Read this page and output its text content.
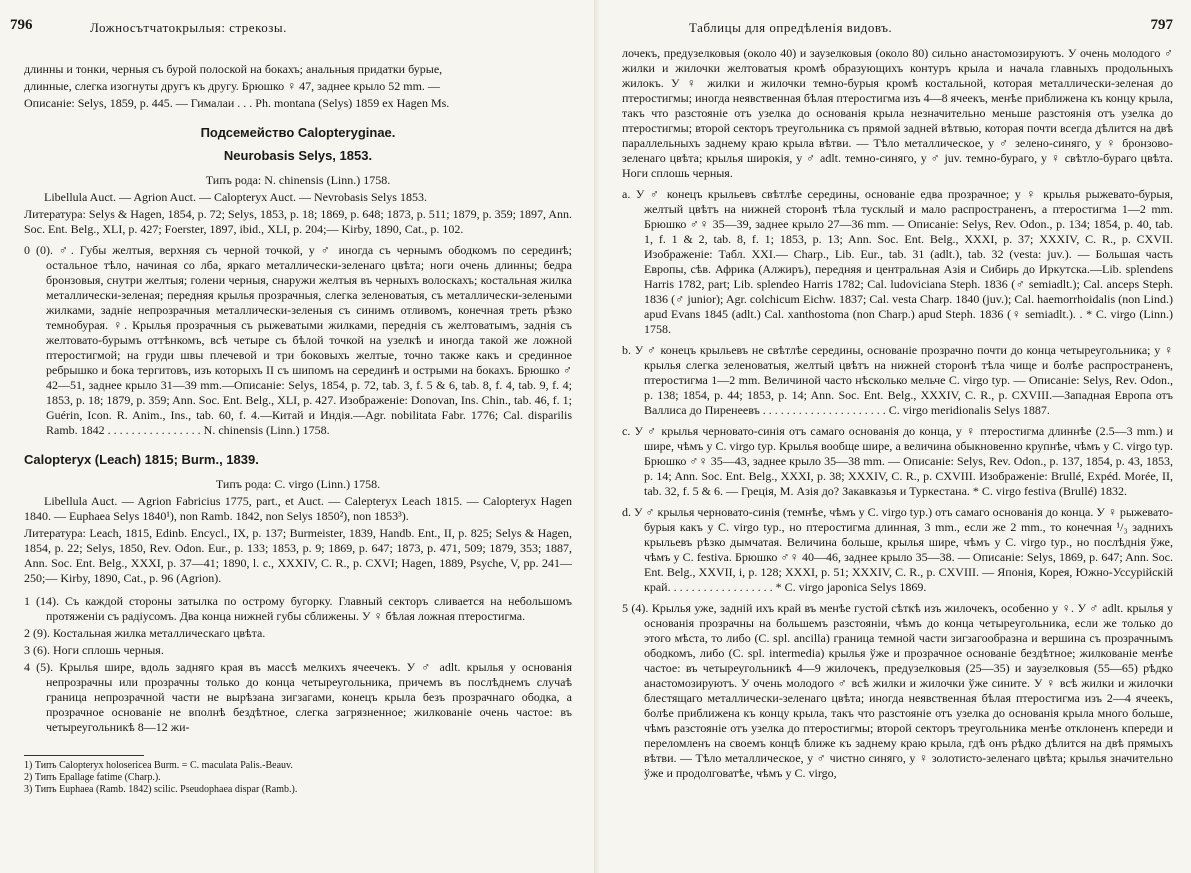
796	Ложносътчатокрылыя: стрекозы.

длинны и тонки, черныя съ бурой полоской на бокахъ; анальныя придатки бурые,

длинные, слегка изогнуты другъ къ другу. Брюшко ♀ 47, заднее крыло 52 mm. —

Описаніе: Selys, 1859, p. 445. — Гималаи . . . Ph. montana (Selys) 1859 ex Hagen Ms.

Подсемейство Calopteryginae.
Neurobasis Selys, 1853.

Типъ рода: N. chinensis (Linn.) 1758.

Libellula Auct. — Agrion Auct. — Calopteryx Auct. — Nevrobasis Selys 1853.

Литература: Selys & Hagen, 1854, p. 72; Selys, 1853, p. 18; 1869, p. 648; 1873, p. 511; 1879, p. 359; 1897, Ann. Soc. Ent. Belg., XLI, p. 427; Foerster, 1897, ibid., XLI, p. 204;— Kirby, 1890, Cat., p. 102.

0 (0). ♂. Губы желтыя, верхняя съ черной точкой, у ♂ иногда съ чернымъ ободкомъ по серединѣ; остальное тѣло, начиная со лба, яркаго металлически-зеленаго цвѣта; ноги очень длинны; бедра бронзовыя, снутри желтыя; голени черныя, снаружи желтыя въ черныхъ волоскахъ; костальная жилка металлически-зеленая; передняя крылья прозрачныя, слегка зеленоватыя, съ металлически-зелеными жилками, задніе непрозрачныя металлически-зеленыя съ синимъ отливомъ, конечная треть рѣзко темнобурая. ♀. Крылья прозрачныя съ рыжеватыми жилками, переднія съ желтоватымъ, заднія съ желтовато-бурымъ оттѣнкомъ, всѣ четыре съ бѣлой точкой на узелкѣ и иногда такой же ложной птеростигмой; на груди швы плечевой и три боковыхъ желтые, точно также какъ и срединное ребрышко и бока тергитовъ, изъ которыхъ II съ шипомъ на серединѣ и острыми на бокахъ. Брюшко ♂ 42—51, заднее крыло 31—39 mm.—Описаніе: Selys, 1854, p. 72, tab. 3, f. 5 & 6, tab. 8, f. 4, tab. 9, f. 4; 1853, p. 18; 1879, p. 359; Ann. Soc. Ent. Belg., XLI, p. 427. Изображеніе: Donovan, Ins. Chin., tab. 46, f. 1; Guérin, Icon. R. Anim., Ins., tab. 60, f. 4.—Китай и Индія.—Agr. nobilitata Fabr. 1776; Cal. disparilis Ramb. 1842 . . . . . . . . . . . . . . . . N. chinensis (Linn.) 1758.

Calopteryx (Leach) 1815; Burm., 1839.

Типъ рода: C. virgo (Linn.) 1758.

Libellula Auct. — Agrion Fabricius 1775, part., et Auct. — Calepteryx Leach 1815. — Calopteryx Hagen 1840. — Euphaea Selys 1840¹), non Ramb. 1842, non Selys 1850²), non 1853³).

Литература: Leach, 1815, Edinb. Encycl., IX, p. 137; Burmeister, 1839, Handb. Ent., II, p. 825; Selys & Hagen, 1854, p. 22; Selys, 1850, Rev. Odon. Eur., p. 133; 1853, p. 9; 1869, p. 647; 1873, p. 471, 509; 1879, 353; 1887, Ann. Soc. Ent. Belg., XXXI, p. 37—41; 1890, l. c., XXXIV, C. R., p. CXVI; Hagen, 1889, Psyche, V, pp. 241—250;— Kirby, 1890, Cat., p. 96 (Agrion).

1 (14). Съ каждой стороны затылка по острому бугорку. Главный секторъ сливается на небольшомъ протяженіи съ радіусомъ. Два конца нижней губы сближены. У ♀ бѣлая ложная птеростигма.

2 (9). Костальная жилка металлическаго цвѣта.

3 (6). Ноги сплошь черныя.

4 (5). Крылья шире, вдоль задняго края въ массѣ мелкихъ ячеечекъ. У ♂ adlt. крылья у основанія непрозрачны или прозрачны только до конца четыреугольника, причемъ въ послѣднемъ случаѣ граница непрозрачной части не вырѣзана зигзагами, конецъ крыла безъ прозрачнаго ободка, а прозрачное основаніе не вполнѣ бездѣтное, слегка загрязненное; жилкованіе очень частое: въ четыреугольникѣ 8—12 жи-

1) Типъ Calopteryx holosericea Burm. = C. maculata Palis.-Beauv.

2) Типъ Epallage fatime (Charp.).

3) Типъ Euphaea (Ramb. 1842) scilic. Pseudophaea dispar (Ramb.).

Таблицы для опредѣленія видовъ.	797

лочекъ, предузелковыя (около 40) и заузелковыя (около 80) сильно анастомозируютъ. У очень молодого ♂ жилки и жилочки желтоватыя кромѣ образующихъ контуръ крыла и начала главныхъ продольныхъ жилокъ. У ♀ жилки и жилочки темно-бурыя кромѣ костальной, которая металлически-зеленая до птеростигмы; иногда неявственная бѣлая птеростигма изъ 4—8 ячеекъ, менѣе приближена къ концу крыла, такъ что разстояніе отъ узелка до основанія крыла незначительно меньше разстоянія отъ узелка до птеростигмы; второй секторъ треугольника съ прямой задней вѣтвью, которая почти всегда дѣлится на двѣ параллельныхъ заднему краю крыла вѣтви. — Тѣло металлическое, у ♂ зелено-синяго, у ♀ бронзово-зеленаго цвѣта; крылья широкія, у ♂ adlt. темно-синяго, у ♂ juv. темно-бураго, у ♀ свѣтло-бураго цвѣта. Ноги сплошь черныя.

a. У ♂ конецъ крыльевъ свѣтлѣе середины, основаніе едва прозрачное; у ♀ крылья рыжевато-бурыя, желтый цвѣтъ на нижней сторонѣ тѣла тусклый и мало распространенъ, а птеростигма 1—2 mm. Брюшко ♂♀ 35—39, заднее крыло 27—36 mm. — Описаніе: Selys, Rev. Odon., p. 134; 1854, p. 40, tab. 1, f. 1 & 2, tab. 8, f. 1; 1853, p. 13; Ann. Soc. Ent. Belg., XXXI, p. 37; XXXIV, C. R., p. CXVII. Изображеніе: Табл. XXI.— Charp., Lib. Eur., tab. 31 (adlt.), tab. 32 (vesta: juv.). — Большая часть Европы, сѣв. Африка (Алжиръ), передняя и центральная Азія и Сибирь до Иркутска.—Lib. splendens Harris 1782, part; Lib. splendeo Harris 1782; Cal. ludoviciana Steph. 1836 (♂ semiadlt.); Cal. anceps Steph. 1836 (♂ junior); Agr. colchicum Eichw. 1837; Cal. vesta Charp. 1840 (juv.); Cal. haemorrhoidalis (non Lind.) apud Evans 1845 (adlt.) Cal. xanthostoma (non Charp.) apud Steph. 1836 (♀ semiadlt.). . * C. virgo (Linn.) 1758.

b. У ♂ конецъ крыльевъ не свѣтлѣе середины, основаніе прозрачно почти до конца четыреугольника; у ♀ крылья слегка зеленоватыя, желтый цвѣтъ на нижней сторонѣ тѣла чище и болѣе распространенъ, птеростигма 1—2 mm. Величиной часто нѣсколько мельче C. virgo typ. — Описаніе: Selys, Rev. Odon., p. 138; 1854, p. 44; 1853, p. 14; Ann. Soc. Ent. Belg., XXXIV, C. R., p. CXVIII.—Западная Европа отъ Валлиса до Пиренеевъ . . . . . . . . . . . . . . . . . . . . . C. virgo meridionalis Selys 1887.

c. У ♂ крылья черновато-синія отъ самаго основанія до конца, у ♀ птеростигма длиннѣе (2.5—3 mm.) и шире, чѣмъ у C. virgo typ. Крылья вообще шире, а величина обыкновенно крупнѣе, чѣмъ у C. virgo typ. Брюшко ♂♀ 35—43, заднее крыло 35—38 mm. — Описаніе: Selys, Rev. Odon., p. 137, 1854, p. 43, 1853, p. 14; Ann. Soc. Ent. Belg., XXXI, p. 38; XXXIV, C. R., p. CXVIII. Изображеніе: Brullé, Expéd. Morée, II, tab. 32, f. 5 & 6. — Греція, М. Азія до? Закавказья и Туркестана. * C. virgo festiva (Brullé) 1832.

d. У ♂ крылья черновато-синія (темнѣе, чѣмъ у C. virgo typ.) отъ самаго основанія до конца. У ♀ рыжевато-бурыя какъ у C. virgo typ., но птеростигма длинная, 3 mm., если же 2 mm., то конечная ¹/₃ заднихъ крыльевъ рѣзко дымчатая. Величина больше, крылья шире, чѣмъ у C. virgo typ., но послѣднія ўже, чѣмъ у C. festiva. Брюшко ♂♀ 40—46, заднее крыло 35—38. — Описаніе: Selys, 1869, p. 647; Ann. Soc. Ent. Belg., XXVII, i, p. 128; XXXI, p. 51; XXXIV, C. R., p. CXVIII. — Японія, Корея, Южно-Уссурійскій край. . . . . . . . . . . . . . . . . . * C. virgo japonica Selys 1869.

5 (4). Крылья уже, задній ихъ край въ менѣе густой сѣткѣ изъ жилочекъ, особенно у ♀. У ♂ adlt. крылья у основанія прозрачны на большемъ разстояніи, чѣмъ до конца четыреугольника, если же только до этого мѣста, то либо (C. spl. ancilla) граница темной части зигзагообразна и вершина съ прозрачнымъ ободкомъ, либо (C. spl. intermedia) крылья ўже и прозрачное основаніе бездѣтное; жилкованіе менѣе частое: въ четыреугольникѣ 4—9 жилочекъ, предузелковыя (25—35) и заузелковыя (55—65) рѣдко анастомозируютъ. У очень молодого ♂ всѣ жилки и жилочки ўже сините. У ♀ всѣ жилки и жилочки блестящаго металлически-зеленаго цвѣта; иногда неявственная бѣлая птеростигма изъ 2—4 ячеекъ, болѣе приближена къ концу крыла, такъ что разстояніе отъ узелка до основанія крыла много больше, чѣмъ разстояніе отъ узелка до птеростигмы; второй секторъ треугольника менѣе отклоненъ кпереди и переломленъ на своемъ концѣ ближе къ заднему краю крыла, гдѣ онъ рѣдко дѣлится на двѣ прямыхъ вѣтви. — Тѣло металлическое, у ♂ чистно синяго, у ♀ золотисто-зеленаго цвѣта; крылья значительно ўже и продолговатѣе, чѣмъ у C. virgo,
